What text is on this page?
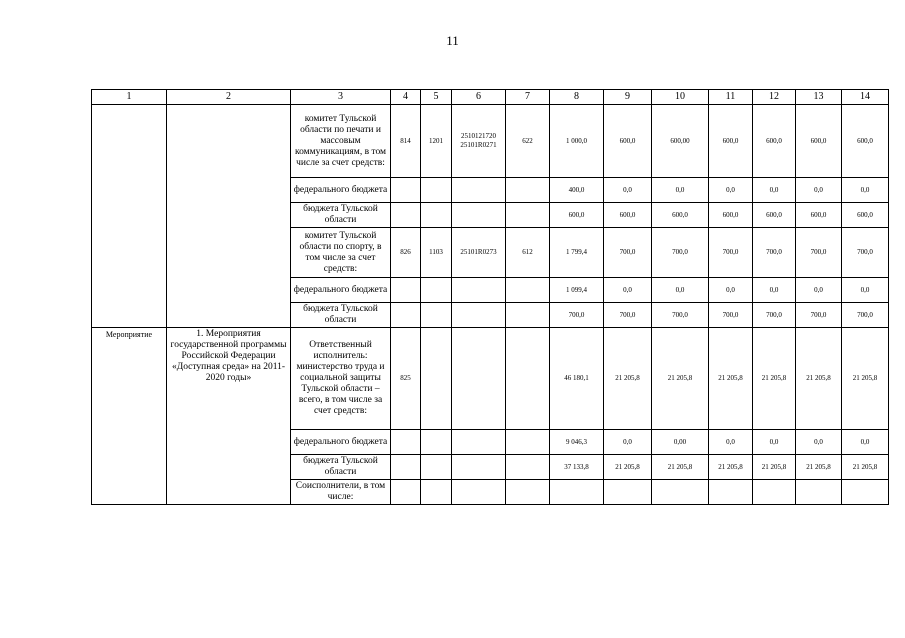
11
1	2	3	4	5	6	7	8	9	10	11	12	13	14
		комитет Тульской области по печати и массовым коммуникациям, в том числе за счет средств:	814	1201	2510121720 25101R0271	622	1 000,0	600,0	600,00	600,0	600,0	600,0	600,0
		федерального бюджета					400,0	0,0	0,0	0,0	0,0	0,0	0,0
		бюджета Тульской области					600,0	600,0	600,0	600,0	600,0	600,0	600,0
		комитет Тульской области по спорту, в том числе за счет средств:	826	1103	25101R0273	612	1 799,4	700,0	700,0	700,0	700,0	700,0	700,0
		федерального бюджета					1 099,4	0,0	0,0	0,0	0,0	0,0	0,0
		бюджета Тульской области					700,0	700,0	700,0	700,0	700,0	700,0	700,0
Мероприятие	1. Мероприятия государственной программы Российской Федерации «Доступная среда» на 2011-2020 годы»	Ответственный исполнитель: министерство труда и социальной защиты Тульской области – всего, в том числе за счет средств:	825				46 180,1	21 205,8	21 205,8	21 205,8	21 205,8	21 205,8	21 205,8
		федерального бюджета					9 046,3	0,0	0,00	0,0	0,0	0,0	0,0
		бюджета Тульской области					37 133,8	21 205,8	21 205,8	21 205,8	21 205,8	21 205,8	21 205,8
		Соисполнители, в том числе:											
